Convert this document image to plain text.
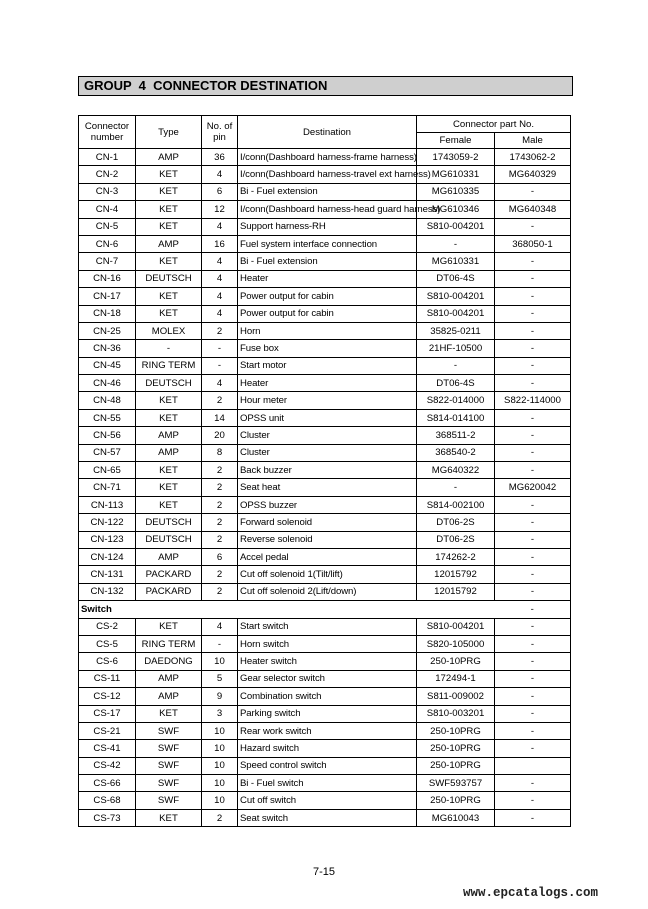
GROUP  4  CONNECTOR DESTINATION
Connector number	Type	No. of pin	Destination	Connector part No.	
				Female	Male
CN-1	AMP	36	I/conn(Dashboard harness-frame harness)	1743059-2	1743062-2
CN-2	KET	4	I/conn(Dashboard harness-travel ext harness)	MG610331	MG640329
CN-3	KET	6	Bi - Fuel extension	MG610335	-
CN-4	KET	12	I/conn(Dashboard harness-head guard harness)	MG610346	MG640348
CN-5	KET	4	Support harness-RH	S810-004201	-
CN-6	AMP	16	Fuel system interface connection	-	368050-1
CN-7	KET	4	Bi - Fuel extension	MG610331	-
CN-16	DEUTSCH	4	Heater	DT06-4S	-
CN-17	KET	4	Power output for cabin	S810-004201	-
CN-18	KET	4	Power output for cabin	S810-004201	-
CN-25	MOLEX	2	Horn	35825-0211	-
CN-36	-	-	Fuse box	21HF-10500	-
CN-45	RING TERM	-	Start motor	-	-
CN-46	DEUTSCH	4	Heater	DT06-4S	-
CN-48	KET	2	Hour meter	S822-014000	S822-114000
CN-55	KET	14	OPSS unit	S814-014100	-
CN-56	AMP	20	Cluster	368511-2	-
CN-57	AMP	8	Cluster	368540-2	-
CN-65	KET	2	Back buzzer	MG640322	-
CN-71	KET	2	Seat heat	-	MG620042
CN-113	KET	2	OPSS buzzer	S814-002100	-
CN-122	DEUTSCH	2	Forward solenoid	DT06-2S	-
CN-123	DEUTSCH	2	Reverse solenoid	DT06-2S	-
CN-124	AMP	6	Accel pedal	174262-2	-
CN-131	PACKARD	2	Cut off solenoid 1(Tilt/lift)	12015792	-
CN-132	PACKARD	2	Cut off solenoid 2(Lift/down)	12015792	-
Switch					-
CS-2	KET	4	Start switch	S810-004201	-
CS-5	RING TERM	-	Horn switch	S820-105000	-
CS-6	DAEDONG	10	Heater switch	250-10PRG	-
CS-11	AMP	5	Gear selector switch	172494-1	-
CS-12	AMP	9	Combination switch	S811-009002	-
CS-17	KET	3	Parking switch	S810-003201	-
CS-21	SWF	10	Rear work switch	250-10PRG	-
CS-41	SWF	10	Hazard switch	250-10PRG	-
CS-42	SWF	10	Speed control switch	250-10PRG	
CS-66	SWF	10	Bi - Fuel switch	SWF593757	-
CS-68	SWF	10	Cut off switch	250-10PRG	-
CS-73	KET	2	Seat switch	MG610043	-
7-15
www.epcatalogs.com
